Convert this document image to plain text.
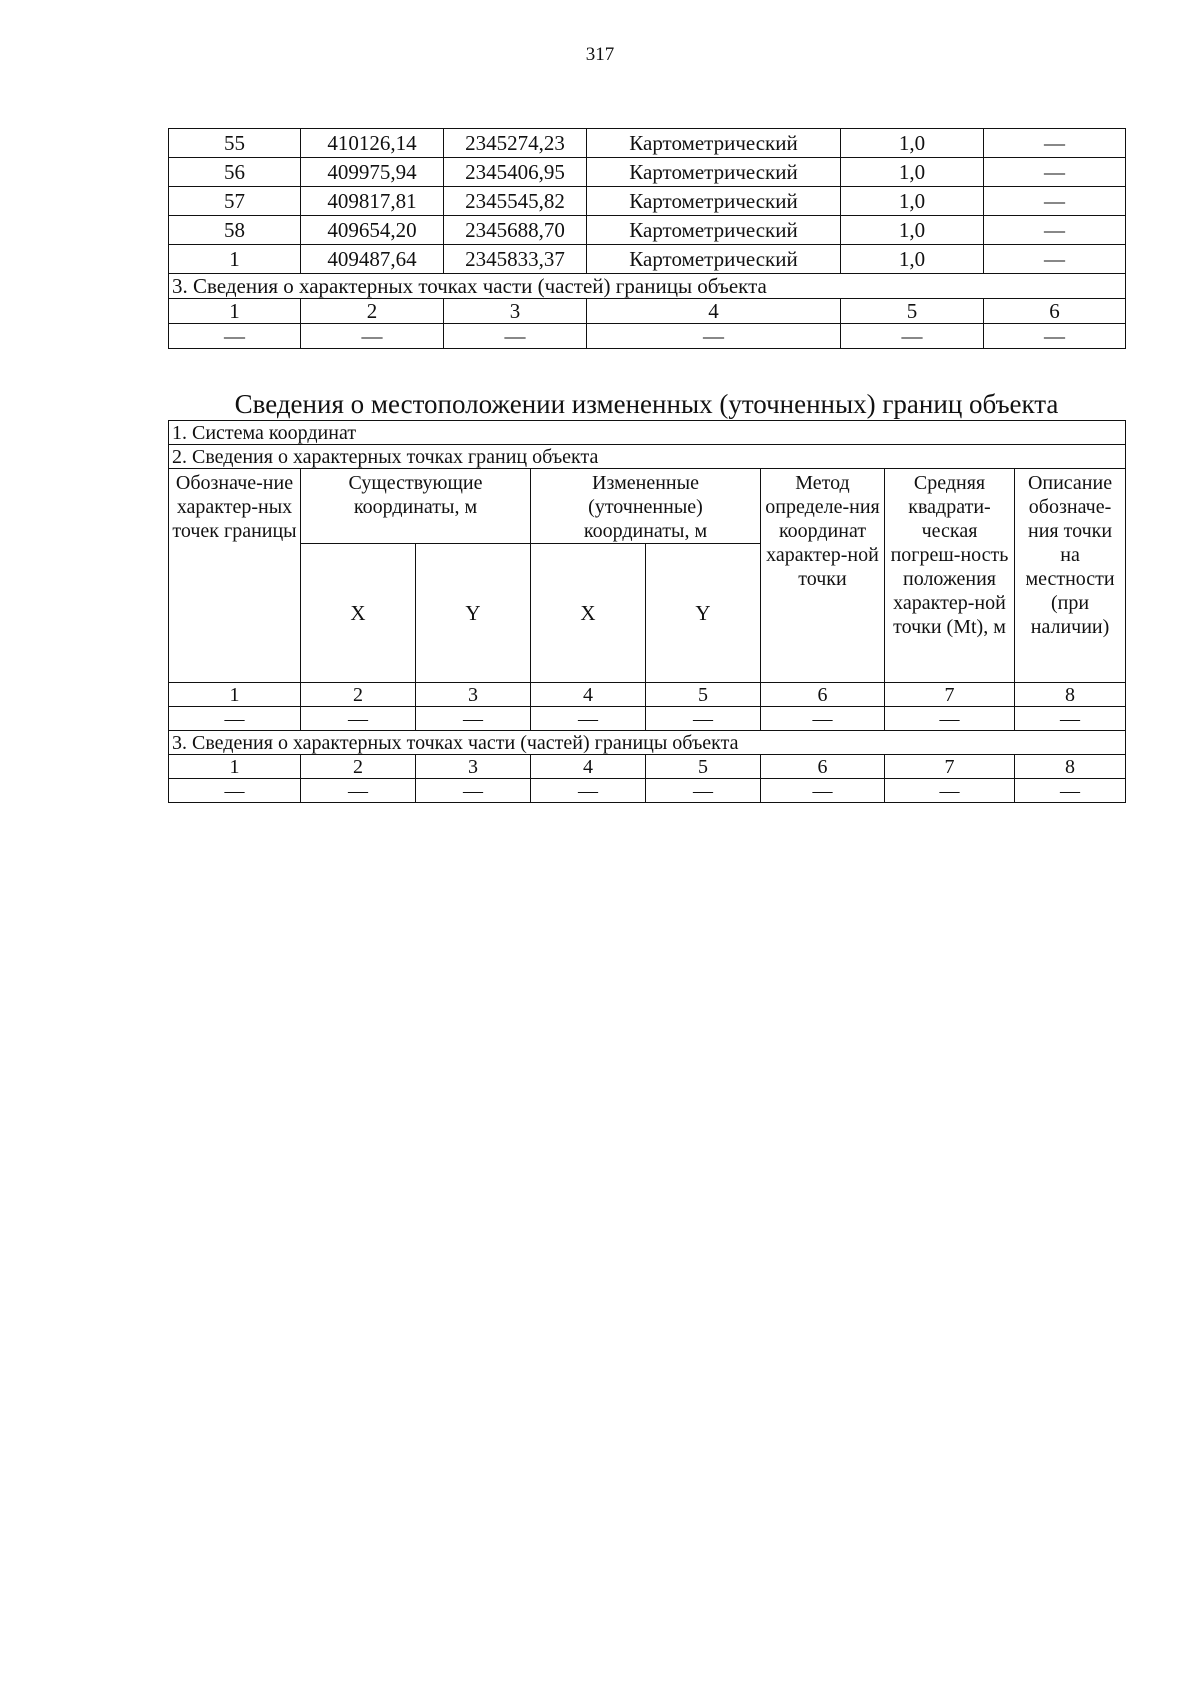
317
55	410126,14	2345274,23	Картометрический	1,0	—
56	409975,94	2345406,95	Картометрический	1,0	—
57	409817,81	2345545,82	Картометрический	1,0	—
58	409654,20	2345688,70	Картометрический	1,0	—
1	409487,64	2345833,37	Картометрический	1,0	—
3. Сведения о характерных точках части (частей) границы объекта					
1	2	3	4	5	6
—	—	—	—	—	—
Сведения о местоположении измененных (уточненных) границ объекта
1. Система координат							
2. Сведения о характерных точках границ объекта							
Обозначе-ние характер-ных точек границы	Существующие координаты, м		Измененные (уточненные) координаты, м		Метод определе-ния координат характер-ной точки	Средняя квадрати-ческая погреш-ность положения характер-ной точки (Mt), м	Описание обозначе-ния точки на местности (при наличии)
	X	Y	X	Y			
1	2	3	4	5	6	7	8
—	—	—	—	—	—	—	—
3. Сведения о характерных точках части (частей) границы объекта							
1	2	3	4	5	6	7	8
—	—	—	—	—	—	—	—
